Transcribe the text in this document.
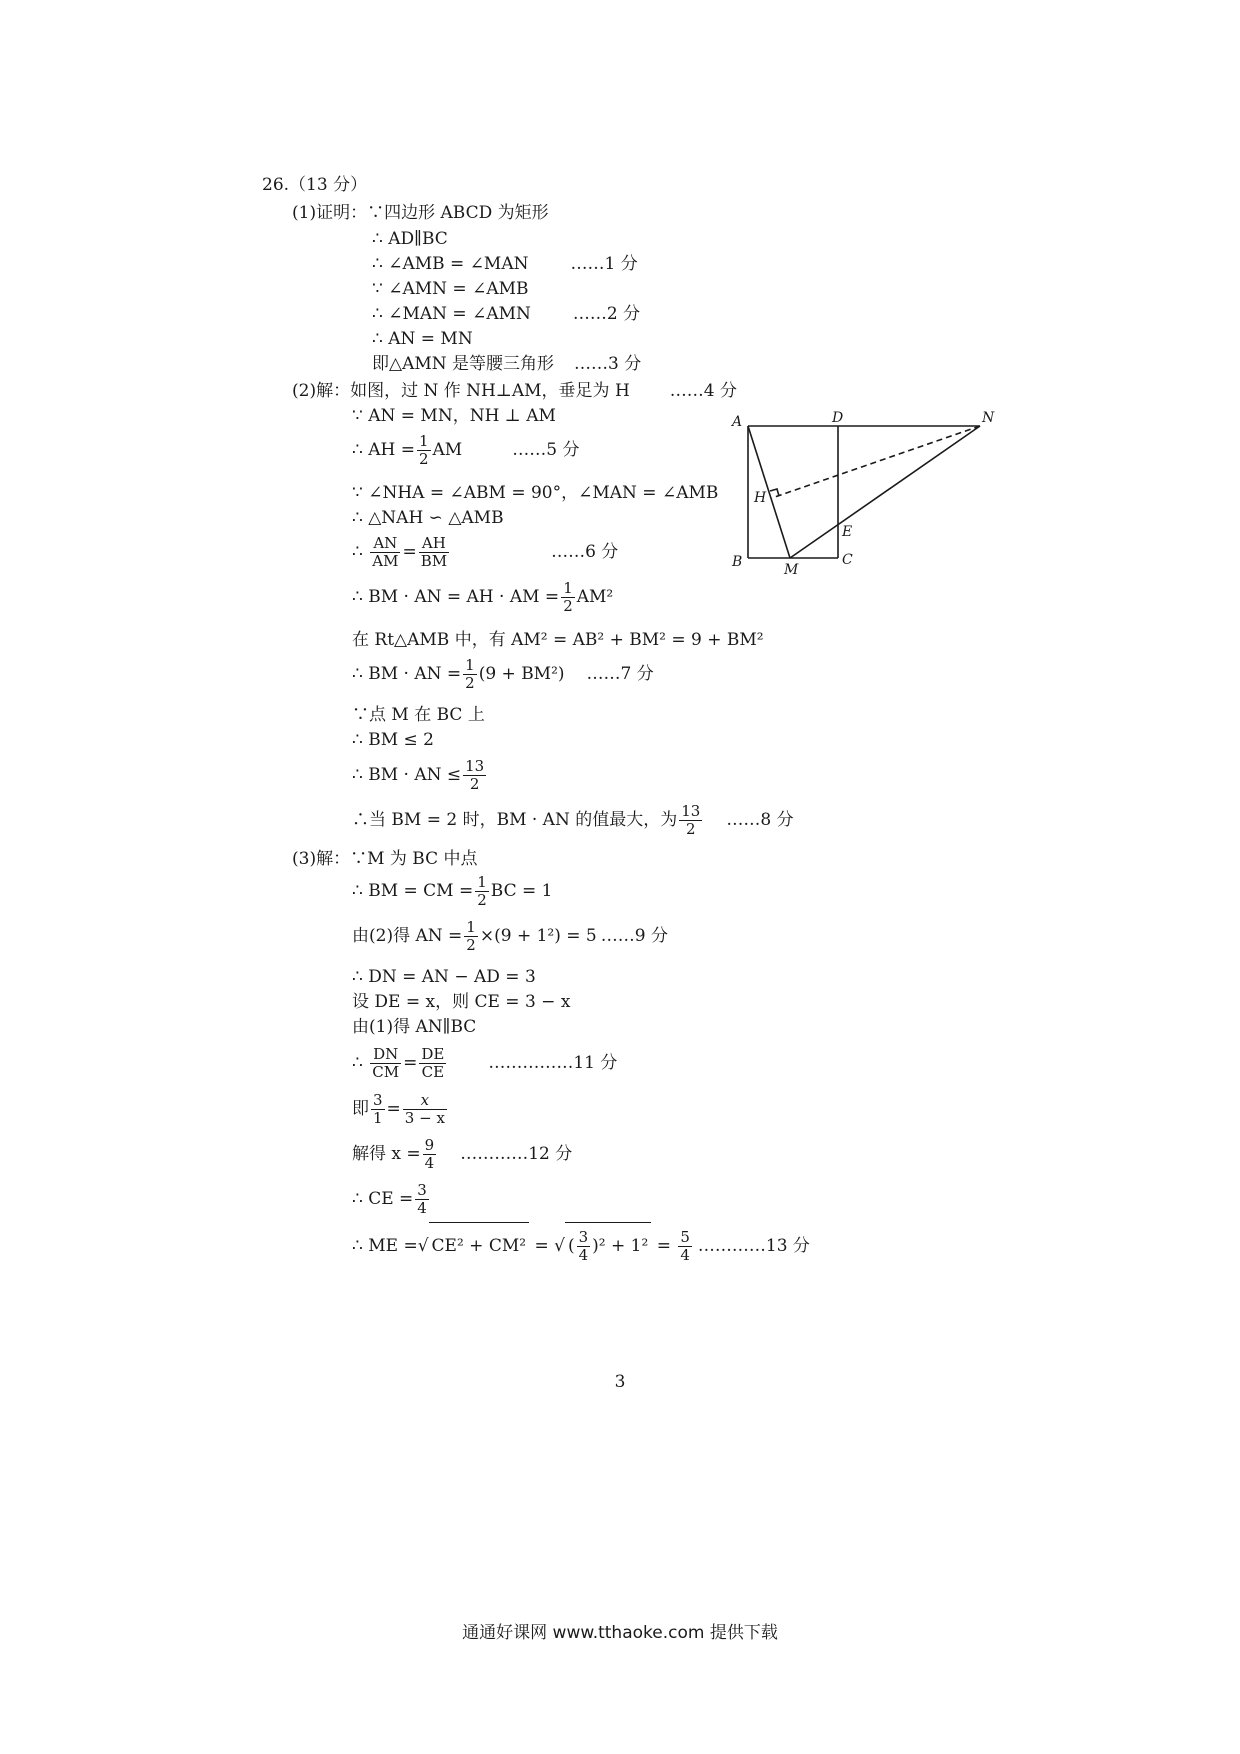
26.（13 分）
(1)证明：∵四边形 ABCD 为矩形
∴ AD∥BC
∴ ∠AMB = ∠MAN ……1 分
∵ ∠AMN = ∠AMB
∴ ∠MAN = ∠AMN ……2 分
∴ AN = MN
即△AMN 是等腰三角形 ……3 分
(2)解：如图，过 N 作 NH⊥AM，垂足为 H ……4 分
∵ AN = MN，NH ⊥ AM
∴ AH = $\frac{1}{2}$ AM	……5 分
∵ ∠NHA = ∠ABM = 90°，∠MAN = ∠AMB
∴ △NAH ∽ △AMB
∴ $\frac{AN}{AM} = \frac{AH}{BM}$	……6 分
∴ BM · AN = AH · AM = $\frac{1}{2} AM^2$
在 Rt△AMB 中，有 AM² = AB² + BM² = 9 + BM²
∴ BM · AN = $\frac{1}{2} (9 + BM^2)$ ……7 分
∵点 M 在 BC 上
∴ BM ≤ 2
∴ BM · AN ≤ $\frac{13}{2}$
∴当 BM = 2 时，BM · AN 的值最大，为 $\frac{13}{2}$ ……8 分
(3)解：∵M 为 BC 中点
∴ BM = CM = $\frac{1}{2}$ BC = 1
由(2)得 AN = $\frac{1}{2} \times(9 + 1^2) = 5$ ……9 分
∴ DN = AN − AD = 3
设 DE = x，则 CE = 3 − x
由(1)得 AN∥BC
∴ $\frac{DN}{CM} = \frac{DE}{CE}$ ……………11 分
即 $\frac{3}{1} = \frac{x}{3 - x}$
解得 $x = \frac{9}{4}$ …………12 分
∴ CE = $\frac{3}{4}$
∴ ME =√ CE² + CM² = √ ( $\frac{3}{4} )^2 + 1^2 = \frac{5}{4}$ …………13 分
A	D	N
H
E
B	M
C
3
通通好课网 www.tthaoke.com 提供下载
